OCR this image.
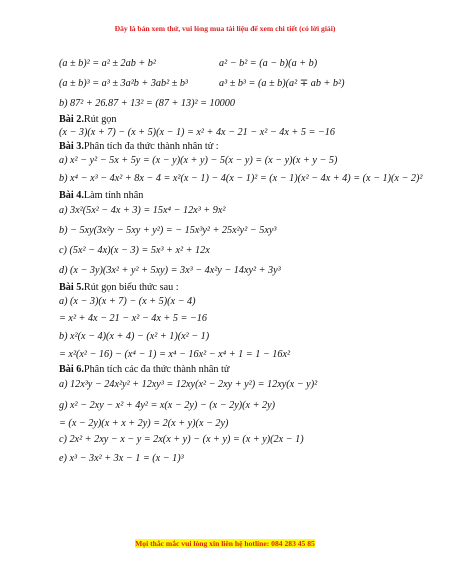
Đây là bản xem thử, vui lòng mua tài liệu để xem chi tiết (có lời giải)
(a ± b)² = a² ± 2ab + b²	a² − b² = (a − b)(a + b)
(a ± b)³ = a³ ± 3a²b + 3ab² ± b³	a³ ± b³ = (a ± b)(a² ∓ ab + b²)
b) 87² + 26.87 + 13² = (87 + 13)² = 10000
Bài 2.Rút gọn
(x − 3)(x + 7) − (x + 5)(x − 1) = x² + 4x − 21 − x² − 4x + 5 = −16
Bài 3.Phân tích đa thức thành nhân tử :
a) x² − y² − 5x + 5y = (x − y)(x + y) − 5(x − y) = (x − y)(x + y − 5)
b) x⁴ − x³ − 4x² + 8x − 4 = x²(x − 1) − 4(x − 1)² = (x − 1)(x² − 4x + 4) = (x − 1)(x − 2)²
Bài 4.Làm tính nhân
a) 3x²(5x² − 4x + 3) = 15x⁴ − 12x³ + 9x²
b) − 5xy(3x²y − 5xy + y²) = − 15x³y² + 25x²y² − 5xy³
c) (5x² − 4x)(x − 3) = 5x³ + x² + 12x
d) (x − 3y)(3x² + y² + 5xy) = 3x³ − 4x²y − 14xy² + 3y³
Bài 5.Rút gọn biểu thức sau :
a) (x − 3)(x + 7) − (x + 5)(x − 4)
= x² + 4x − 21 − x² − 4x + 5 = −16
b) x²(x − 4)(x + 4) − (x² + 1)(x² − 1)
= x²(x² − 16) − (x⁴ − 1) = x⁴ − 16x² − x⁴ + 1 = 1 − 16x²
Bài 6.Phân tích các đa thức thành nhân tử
a) 12x³y − 24x²y² + 12xy³ = 12xy(x² − 2xy + y²) = 12xy(x − y)²
g) x² − 2xy − x² + 4y² = x(x − 2y) − (x − 2y)(x + 2y)
= (x − 2y)(x + x + 2y) = 2(x + y)(x − 2y)
c) 2x² + 2xy − x − y = 2x(x + y) − (x + y) = (x + y)(2x − 1)
e) x³ − 3x² + 3x − 1 = (x − 1)³
Mọi thắc mắc vui lòng xin liên hệ hotline: 084 283 45 85
